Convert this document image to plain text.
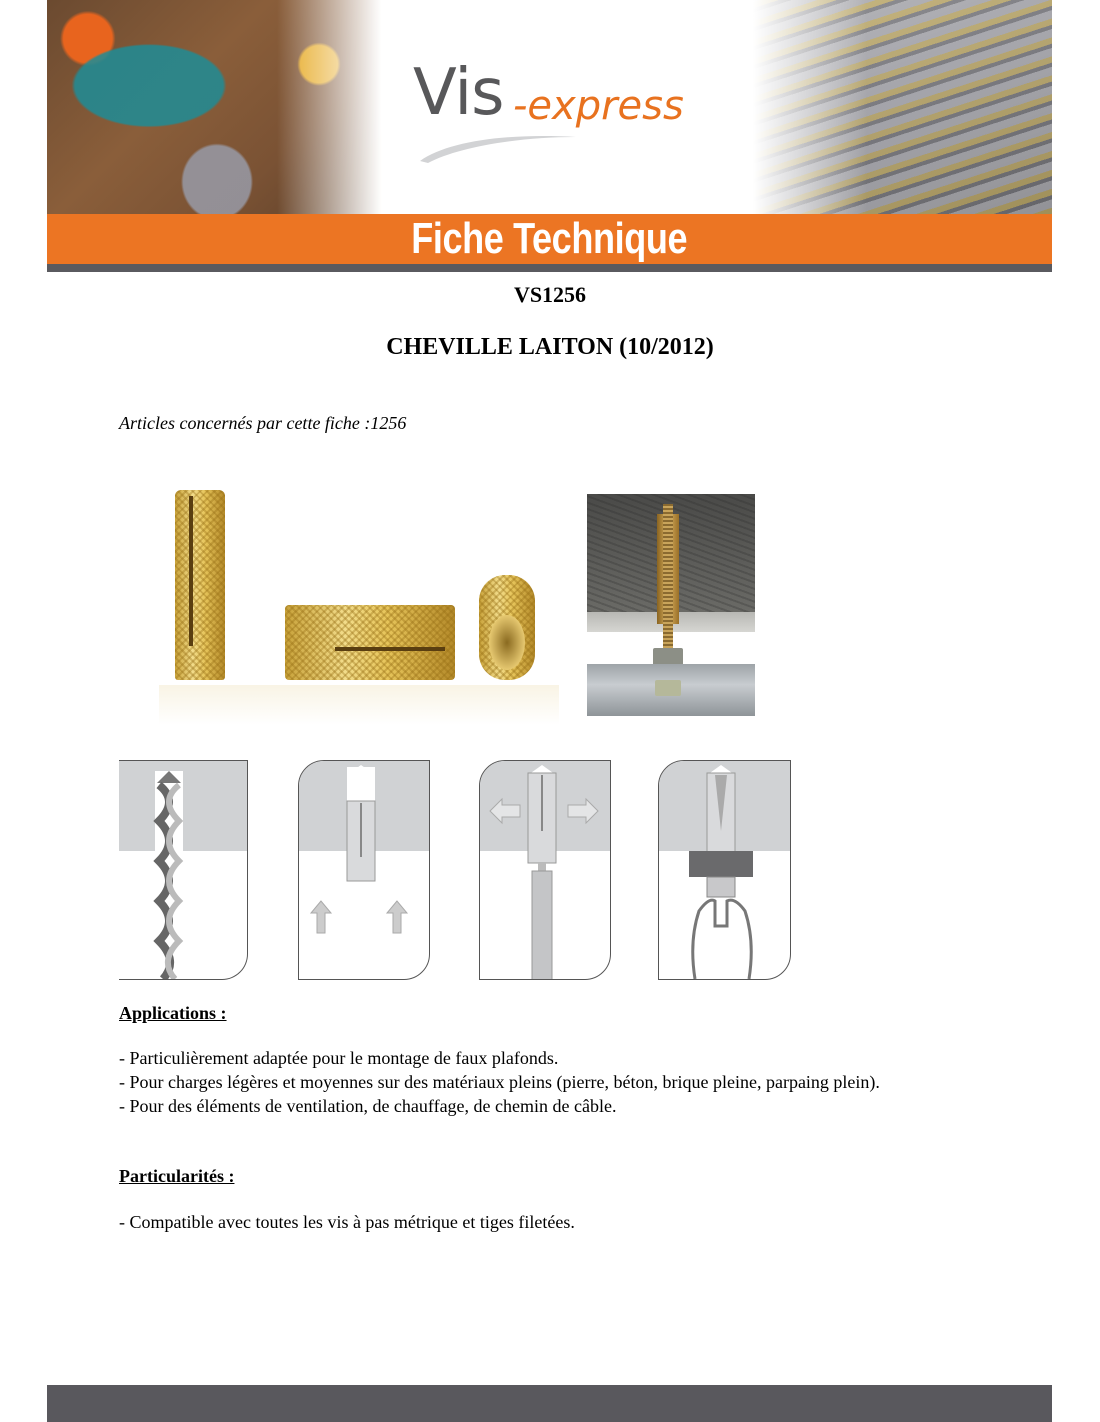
Vis -express
Fiche Technique
VS1256
CHEVILLE LAITON (10/2012)
Articles concernés par cette fiche :1256
Applications :
- Particulièrement adaptée pour le montage de faux plafonds.
- Pour charges légères et moyennes sur des matériaux pleins (pierre, béton, brique pleine, parpaing plein).
- Pour des éléments de ventilation, de chauffage, de chemin de câble.
Particularités :
- Compatible avec toutes les vis à pas métrique et tiges filetées.
